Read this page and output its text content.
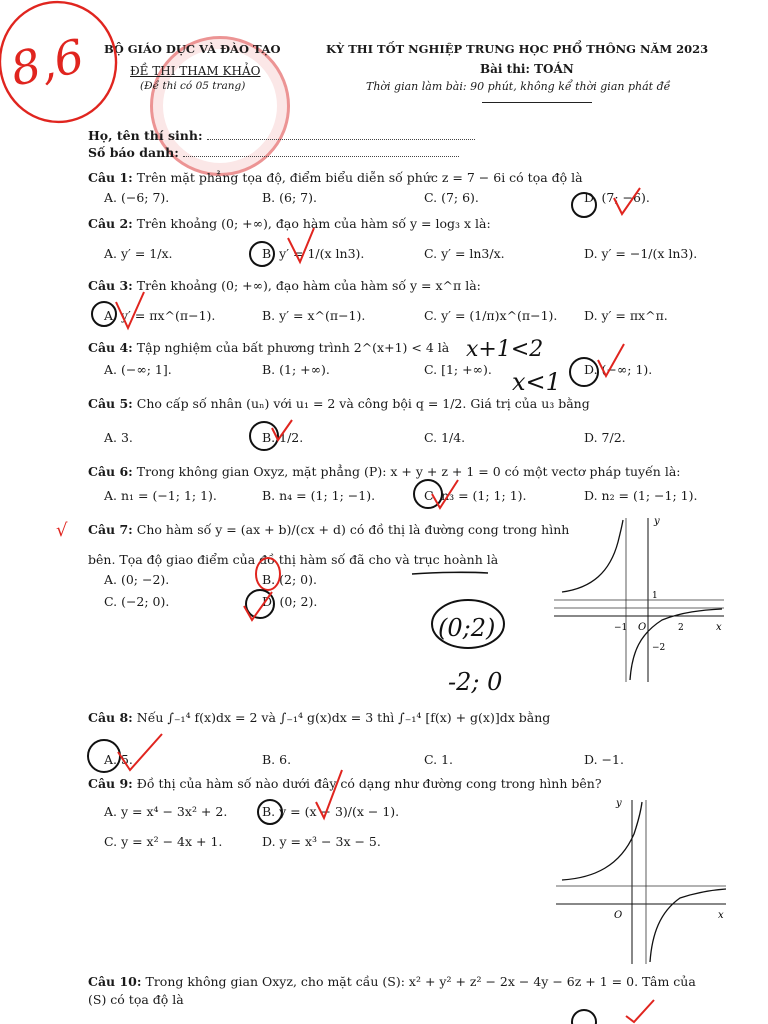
BỘ GIÁO DỤC VÀ ĐÀO TẠO
ĐỀ THI THAM KHẢO
(Đề thi có 05 trang)
KỲ THI TỐT NGHIỆP TRUNG HỌC PHỔ THÔNG NĂM 2023
Bài thi: TOÁN
Thời gian làm bài: 90 phút, không kể thời gian phát đề
Họ, tên thí sinh:
Số báo danh:
Câu 1: Trên mặt phẳng tọa độ, điểm biểu diễn số phức z = 7 − 6i có tọa độ là
A. (−6; 7).	B. (6; 7).	C. (7; 6).	D. (7; −6).
Câu 2: Trên khoảng (0; +∞), đạo hàm của hàm số y = log₃ x là:
A. y′ = 1/x.	B. y′ = 1/(x ln3).	C. y′ = ln3/x.	D. y′ = −1/(x ln3).
Câu 3: Trên khoảng (0; +∞), đạo hàm của hàm số y = x^π là:
A. y′ = πx^(π−1).	B. y′ = x^(π−1).	C. y′ = (1/π)x^(π−1). D. y′ = πx^π.
Câu 4: Tập nghiệm của bất phương trình 2^(x+1) < 4 là
A. (−∞; 1].	B. (1; +∞).	C. [1; +∞).	D. (−∞; 1).
Câu 5: Cho cấp số nhân (uₙ) với u₁ = 2 và công bội q = 1/2. Giá trị của u₃ bằng
A. 3.	B. 1/2.	C. 1/4.	D. 7/2.
Câu 6: Trong không gian Oxyz, mặt phẳng (P): x + y + z + 1 = 0 có một vectơ pháp tuyến là:
A. n₁ = (−1; 1; 1).	B. n₄ = (1; 1; −1).	C. n₃ = (1; 1; 1).	D. n₂ = (1; −1; 1).
Câu 7: Cho hàm số y = (ax + b)/(cx + d) có đồ thị là đường cong trong hình
bên. Tọa độ giao điểm của đồ thị hàm số đã cho và trục hoành là
A. (0; −2).	B. (2; 0).
C. (−2; 0).	D. (0; 2).
Câu 8: Nếu ∫₋₁⁴ f(x)dx = 2 và ∫₋₁⁴ g(x)dx = 3 thì ∫₋₁⁴ [f(x) + g(x)]dx bằng
A. 5.	B. 6.	C. 1.	D. −1.
Câu 9: Đồ thị của hàm số nào dưới đây có dạng như đường cong trong hình bên?
A. y = x⁴ − 3x² + 2.	B. y = (x − 3)/(x − 1).
C. y = x² − 4x + 1.	D. y = x³ − 3x − 5.
Câu 10: Trong không gian Oxyz, cho mặt cầu (S): x² + y² + z² − 2x − 4y − 6z + 1 = 0. Tâm của
(S) có tọa độ là
y
x
O
1
−1	2
−2
y
x
O
8,6
x+1<2
x<1
√
(0;2)
-2; 0
